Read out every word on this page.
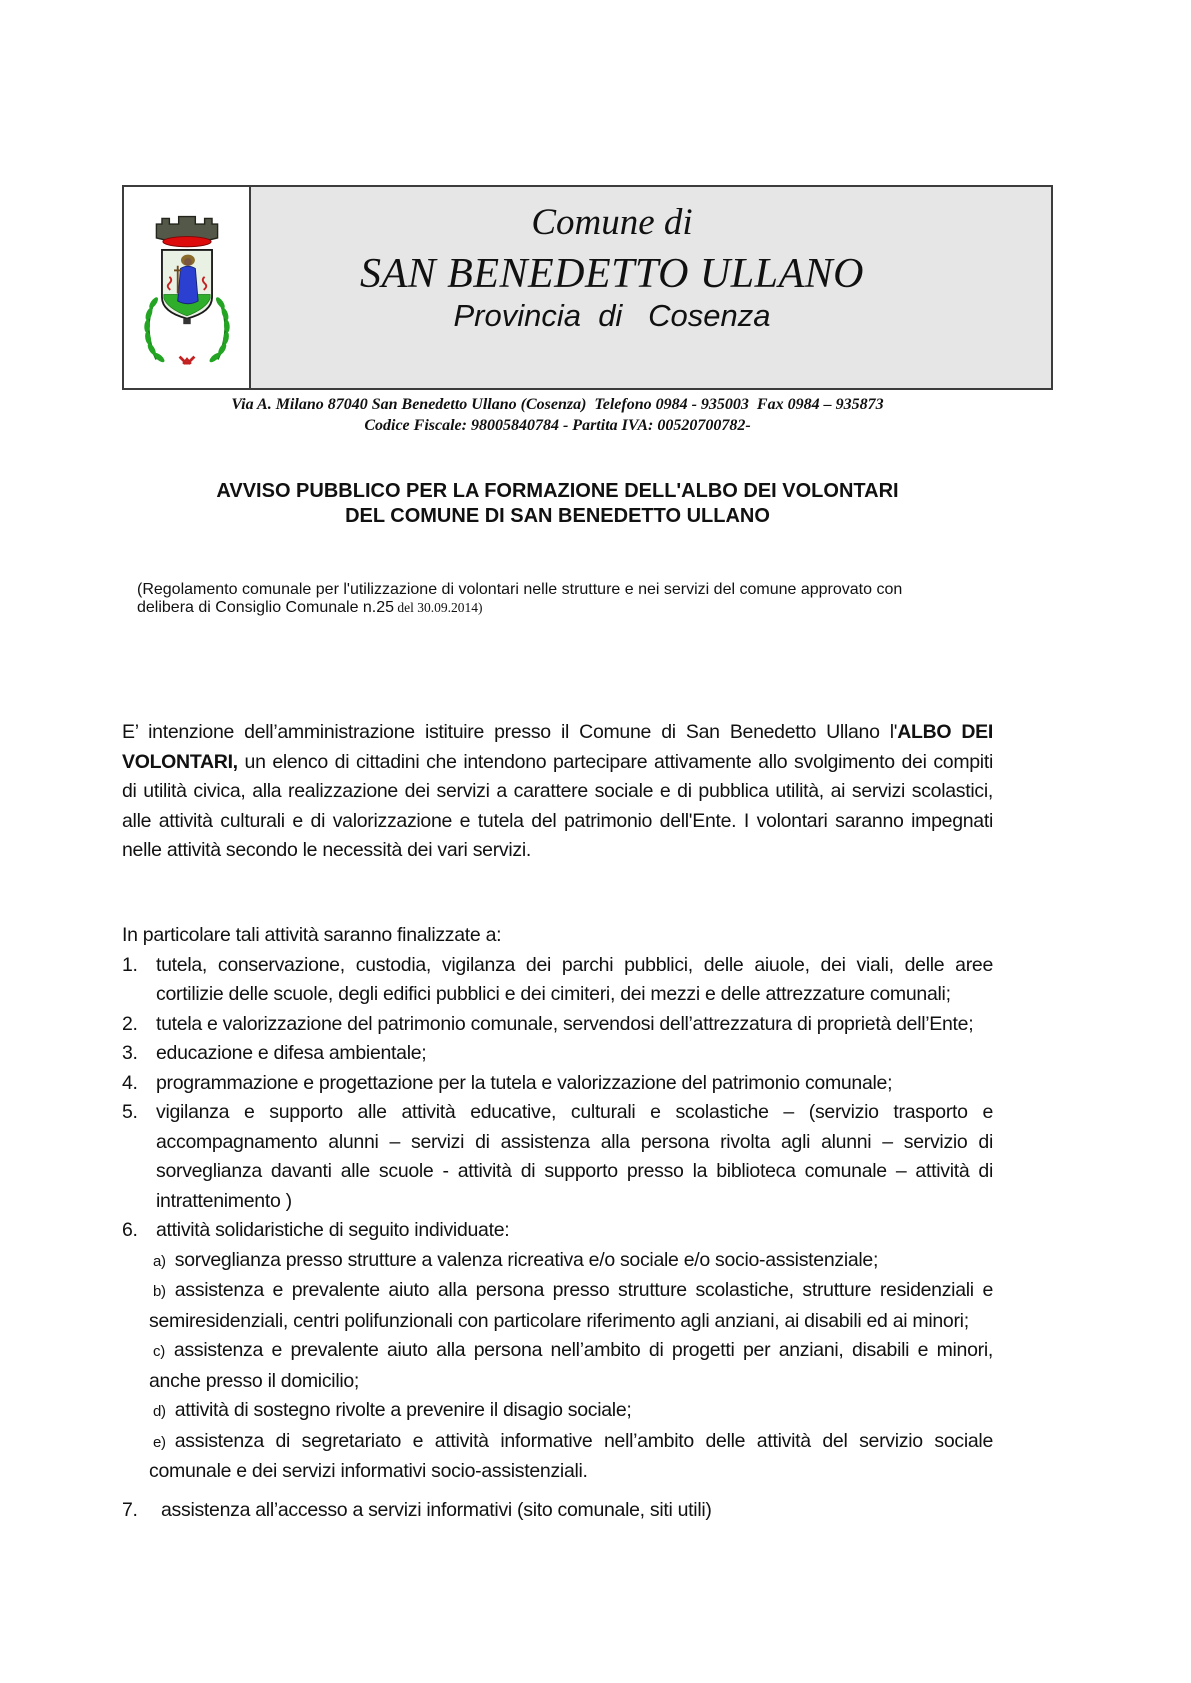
Comune di
SAN BENEDETTO ULLANO
Provincia  di   Cosenza
Via A. Milano 87040 San Benedetto Ullano (Cosenza)  Telefono 0984 - 935003  Fax 0984 – 935873
Codice Fiscale: 98005840784 - Partita IVA: 00520700782-
AVVISO PUBBLICO PER LA FORMAZIONE DELL'ALBO DEI VOLONTARI
DEL COMUNE DI SAN BENEDETTO ULLANO
(Regolamento comunale per l'utilizzazione di volontari nelle strutture e nei servizi del comune approvato con
delibera di Consiglio Comunale n.25 del 30.09.2014)
E’ intenzione dell’amministrazione istituire presso il Comune di San Benedetto Ullano l'ALBO DEI VOLONTARI, un elenco di cittadini che intendono partecipare attivamente allo svolgimento dei compiti di utilità civica, alla realizzazione dei servizi a carattere sociale e di pubblica utilità, ai servizi scolastici, alle attività culturali e di valorizzazione e tutela del patrimonio dell'Ente. I volontari saranno impegnati nelle attività secondo le necessità dei vari servizi.
In particolare tali attività saranno finalizzate a:
1. tutela, conservazione, custodia, vigilanza dei parchi pubblici, delle aiuole, dei viali, delle aree cortilizie delle scuole, degli edifici pubblici e dei cimiteri, dei mezzi e delle attrezzature comunali;
2. tutela e valorizzazione del patrimonio comunale, servendosi dell’attrezzatura di proprietà dell’Ente;
3. educazione e difesa ambientale;
4. programmazione e progettazione per la tutela e valorizzazione del patrimonio comunale;
5. vigilanza e supporto alle attività educative, culturali e scolastiche – (servizio trasporto e accompagnamento alunni – servizi di assistenza alla persona rivolta agli alunni – servizio di sorveglianza davanti alle scuole - attività di supporto presso la biblioteca comunale – attività di intrattenimento )
6. attività solidaristiche di seguito individuate:
a) sorveglianza presso strutture a valenza ricreativa e/o sociale e/o socio-assistenziale;
b) assistenza e prevalente aiuto alla persona presso strutture scolastiche, strutture residenziali e semiresidenziali, centri polifunzionali con particolare riferimento agli anziani, ai disabili ed ai minori;
c) assistenza e prevalente aiuto alla persona nell’ambito di progetti per anziani, disabili e minori, anche presso il domicilio;
d) attività di sostegno rivolte a prevenire il disagio sociale;
e) assistenza di segretariato e attività informative nell’ambito delle attività del servizio sociale comunale e dei servizi informativi socio-assistenziali.
7. assistenza all’accesso a servizi informativi (sito comunale, siti utili)
